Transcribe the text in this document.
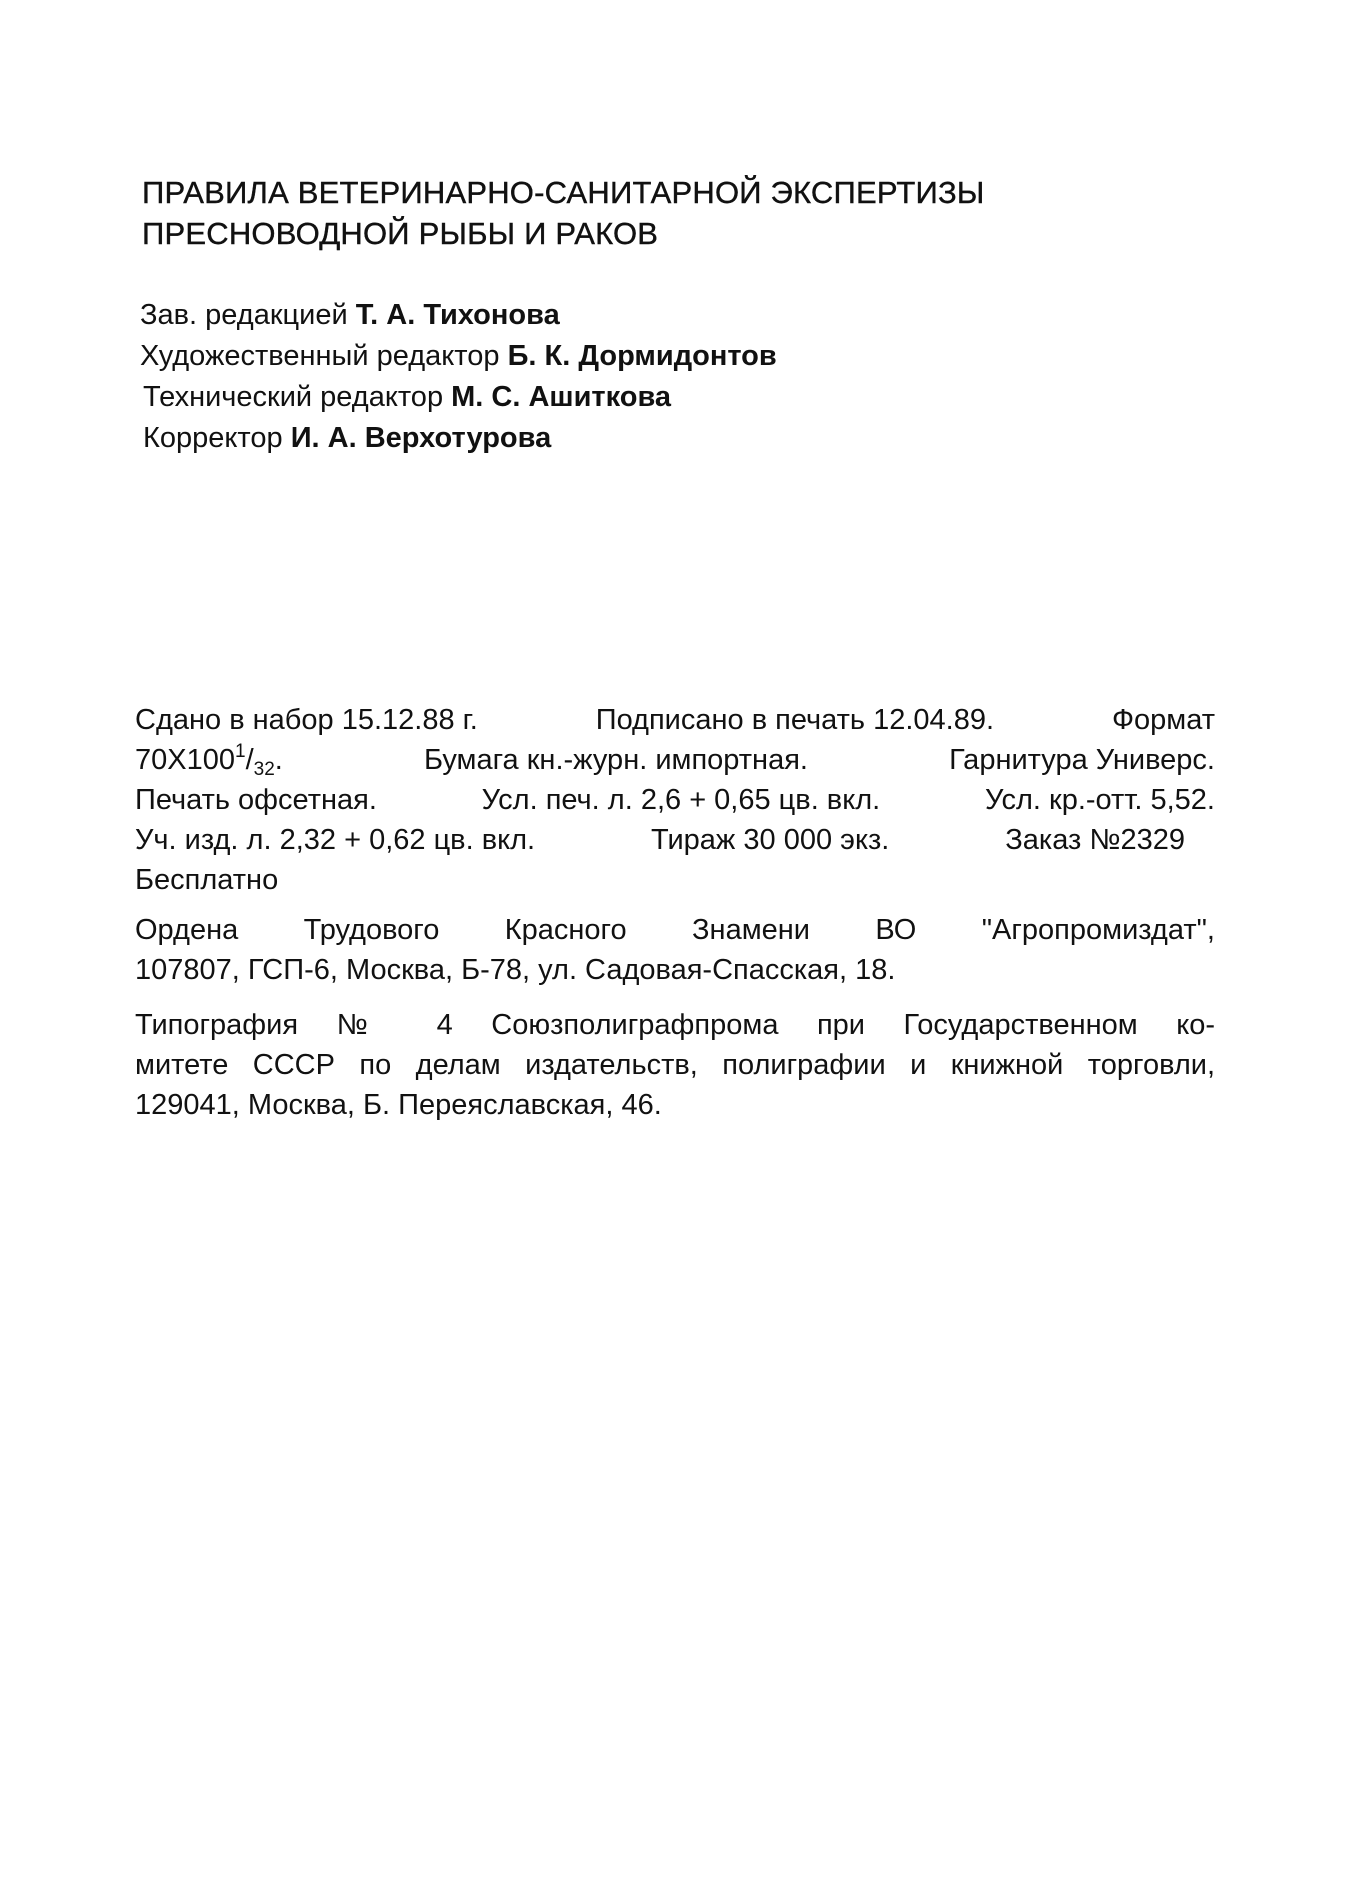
ПРАВИЛА ВЕТЕРИНАРНО-САНИТАРНОЙ ЭКСПЕРТИЗЫ
ПРЕСНОВОДНОЙ РЫБЫ И РАКОВ
Зав. редакцией Т. А. Тихонова
Художественный редактор Б. К. Дормидонтов
Технический редактор М. С. Ашиткова
Корректор И. А. Верхотурова
Сдано в набор 15.12.88 г.	Подписано в печать 12.04.89.	Формат
70Х1001/32.	Бумага кн.-журн. импортная.	Гарнитура Универс.
Печать офсетная.	Усл. печ. л. 2,6 + 0,65 цв. вкл.	Усл. кр.-отт. 5,52.
Уч. изд. л. 2,32 + 0,62 цв. вкл.	Тираж 30 000 экз.	Заказ №2329
Бесплатно
Ордена Трудового Красного Знамени ВО "Агропромиздат",
107807, ГСП-6, Москва, Б-78, ул. Садовая-Спасская, 18.
Типография № 4 Союзполиграфпрома при Государственном ко-
митете СССР по делам издательств, полиграфии и книжной торговли,
129041, Москва, Б. Переяславская, 46.
